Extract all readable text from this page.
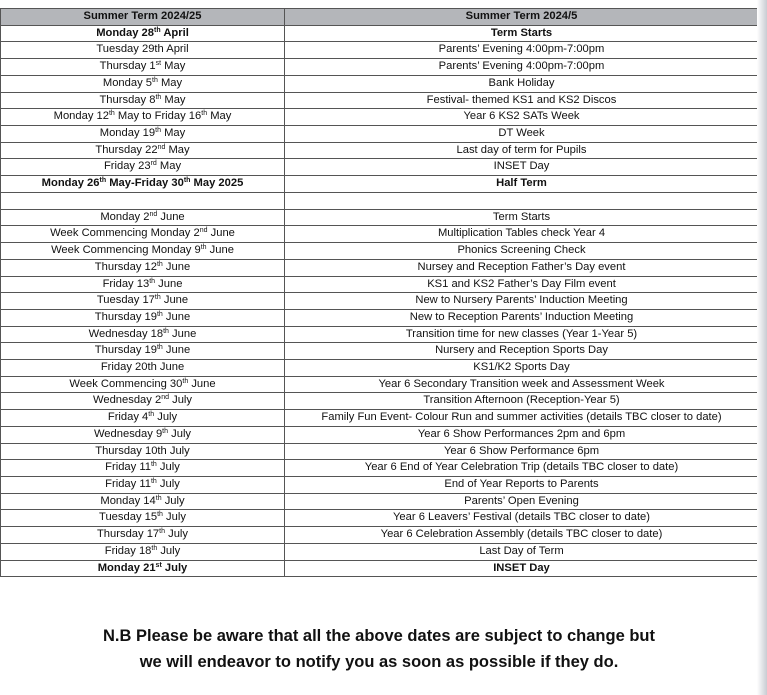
Summer Term 2024/25	Summer Term 2024/5
Monday 28th April	Term Starts
Tuesday 29th April	Parents’ Evening 4:00pm-7:00pm
Thursday 1st May	Parents’ Evening 4:00pm-7:00pm
Monday 5th May	Bank Holiday
Thursday 8th May	Festival- themed KS1 and KS2 Discos
Monday 12th May to Friday 16th May	Year 6 KS2 SATs Week
Monday 19th May	DT Week
Thursday 22nd May	Last day of term for Pupils
Friday 23rd May	INSET Day
Monday 26th May-Friday 30th May 2025	Half Term

Monday 2nd June	Term Starts
Week Commencing Monday 2nd June	Multiplication Tables check Year 4
Week Commencing Monday 9th June	Phonics Screening Check
Thursday 12th June	Nursey and Reception Father’s Day event
Friday 13th June	KS1 and KS2 Father’s Day Film event
Tuesday 17th June	New to Nursery Parents’ Induction Meeting
Thursday 19th June	New to Reception Parents’ Induction Meeting
Wednesday 18th June	Transition time for new classes (Year 1-Year 5)
Thursday 19th June	Nursery and Reception Sports Day
Friday 20th June	KS1/K2 Sports Day
Week Commencing 30th June	Year 6 Secondary Transition week and Assessment Week
Wednesday 2nd July	Transition Afternoon (Reception-Year 5)
Friday 4th July	Family Fun Event- Colour Run and summer activities (details TBC closer to date)
Wednesday 9th July	Year 6 Show Performances 2pm and 6pm
Thursday 10th July	Year 6 Show Performance 6pm
Friday 11th July	Year 6 End of Year Celebration Trip (details TBC closer to date)
Friday 11th July	End of Year Reports to Parents
Monday 14th July	Parents’ Open Evening
Tuesday 15th July	Year 6 Leavers’ Festival (details TBC closer to date)
Thursday 17th July	Year 6 Celebration Assembly (details TBC closer to date)
Friday 18th July	Last Day of Term
Monday 21st July	INSET Day
N.B Please be aware that all the above dates are subject to change but
we will endeavor to notify you as soon as possible if they do.
